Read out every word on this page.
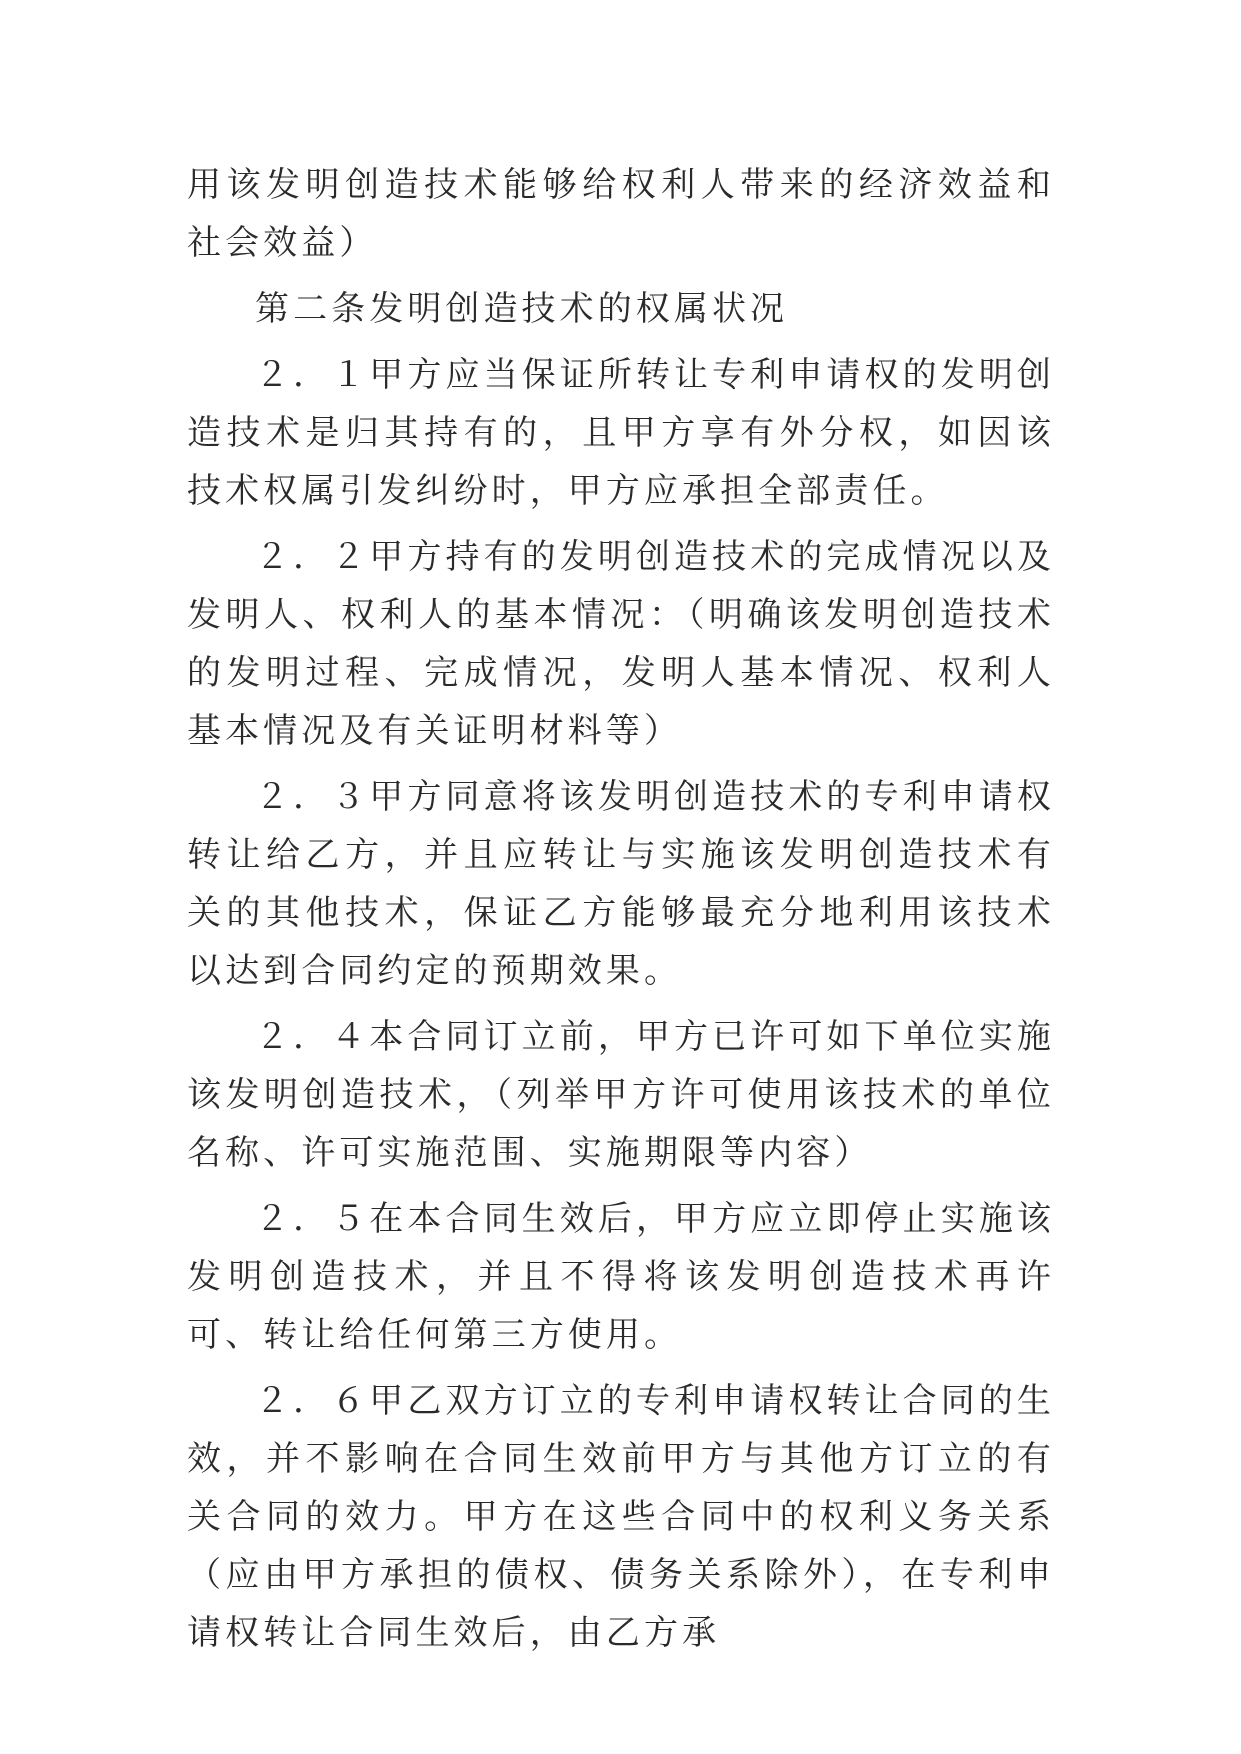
用该发明创造技术能够给权利人带来的经济效益和社会效益）

第二条发明创造技术的权属状况

２．１甲方应当保证所转让专利申请权的发明创造技术是归其持有的，且甲方享有外分权，如因该技术权属引发纠纷时，甲方应承担全部责任。

２．２甲方持有的发明创造技术的完成情况以及发明人、权利人的基本情况：（明确该发明创造技术的发明过程、完成情况，发明人基本情况、权利人基本情况及有关证明材料等）

２．３甲方同意将该发明创造技术的专利申请权转让给乙方，并且应转让与实施该发明创造技术有关的其他技术，保证乙方能够最充分地利用该技术以达到合同约定的预期效果。

２．４本合同订立前，甲方已许可如下单位实施该发明创造技术，（列举甲方许可使用该技术的单位名称、许可实施范围、实施期限等内容）

２．５在本合同生效后，甲方应立即停止实施该发明创造技术，并且不得将该发明创造技术再许可、转让给任何第三方使用。

２．６甲乙双方订立的专利申请权转让合同的生效，并不影响在合同生效前甲方与其他方订立的有关合同的效力。甲方在这些合同中的权利义务关系（应由甲方承担的债权、债务关系除外），在专利申请权转让合同生效后，由乙方承
